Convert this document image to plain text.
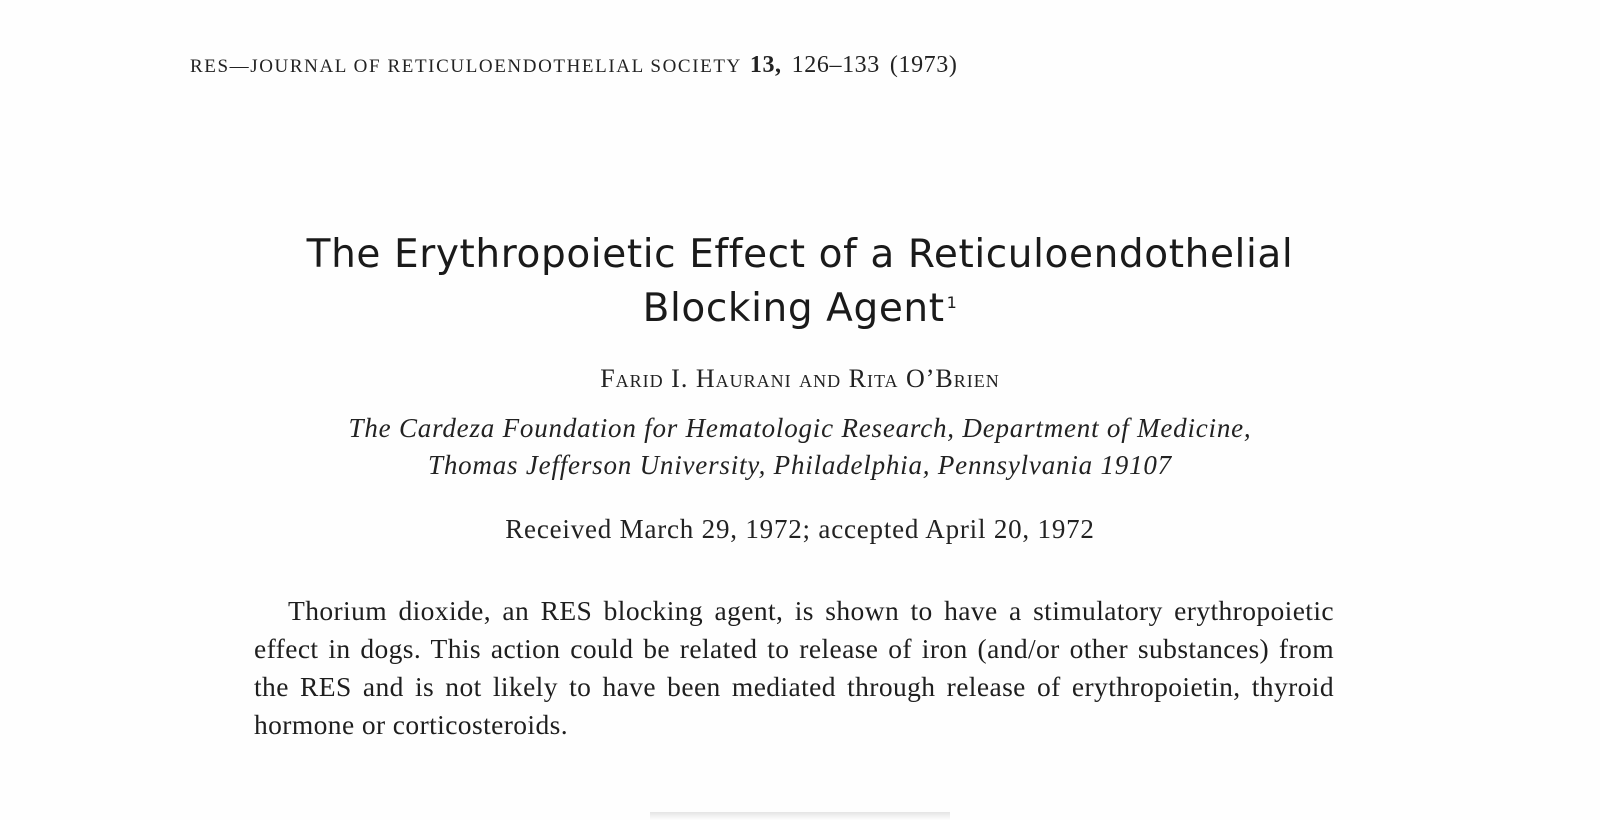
RES—JOURNAL OF RETICULOENDOTHELIAL SOCIETY 13, 126–133 (1973)
The Erythropoietic Effect of a Reticuloendothelial
Blocking Agent $^1$
Farid I. Haurani and Rita O’Brien
The Cardeza Foundation for Hematologic Research, Department of Medicine,
Thomas Jefferson University, Philadelphia, Pennsylvania 19107
Received March 29, 1972; accepted April 20, 1972

Thorium dioxide, an RES blocking agent, is shown to have a stimulatory erythropoietic effect in dogs. This action could be related to release of iron (and/or other substances) from the RES and is not likely to have been mediated through release of erythropoietin, thyroid hormone or corticosteroids.
